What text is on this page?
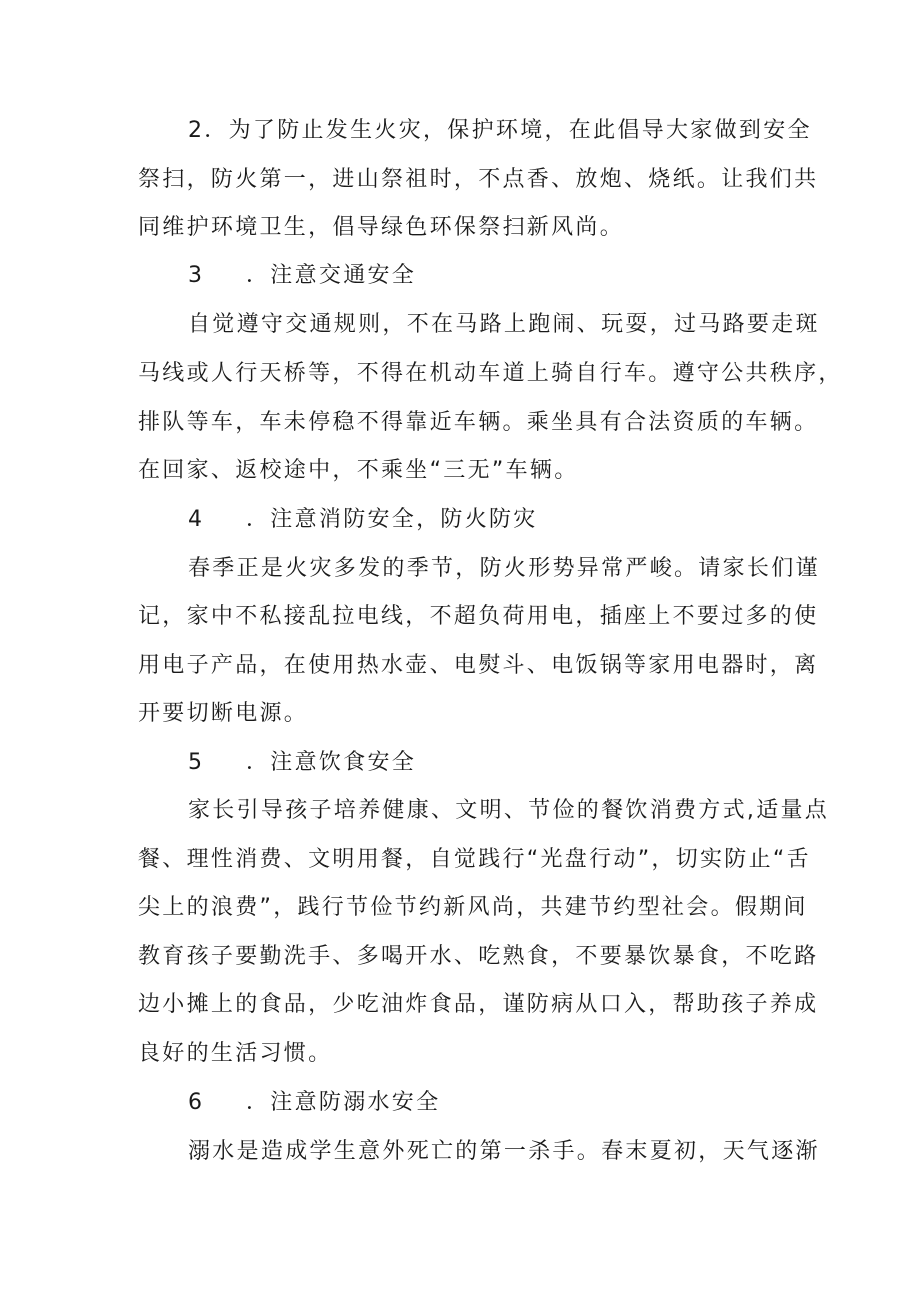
2．为了防止发生火灾，保护环境，在此倡导大家做到安全
祭扫，防火第一，进山祭祖时，不点香、放炮、烧纸。让我们共
同维护环境卫生，倡导绿色环保祭扫新风尚。
3 ．注意交通安全
自觉遵守交通规则，不在马路上跑闹、玩耍，过马路要走斑
马线或人行天桥等，不得在机动车道上骑自行车。遵守公共秩序，
排队等车，车未停稳不得靠近车辆。乘坐具有合法资质的车辆。
在回家、返校途中，不乘坐“三无”车辆。
4 ．注意消防安全，防火防灾
春季正是火灾多发的季节，防火形势异常严峻。请家长们谨
记，家中不私接乱拉电线，不超负荷用电，插座上不要过多的使
用电子产品，在使用热水壶、电熨斗、电饭锅等家用电器时，离
开要切断电源。
5 ．注意饮食安全
家长引导孩子培养健康、文明、节俭的餐饮消费方式,适量点
餐、理性消费、文明用餐，自觉践行“光盘行动”，切实防止“舌
尖上的浪费”，践行节俭节约新风尚，共建节约型社会。假期间
教育孩子要勤洗手、多喝开水、吃熟食，不要暴饮暴食，不吃路
边小摊上的食品，少吃油炸食品，谨防病从口入，帮助孩子养成
良好的生活习惯。
6 ．注意防溺水安全
溺水是造成学生意外死亡的第一杀手。春末夏初，天气逐渐
